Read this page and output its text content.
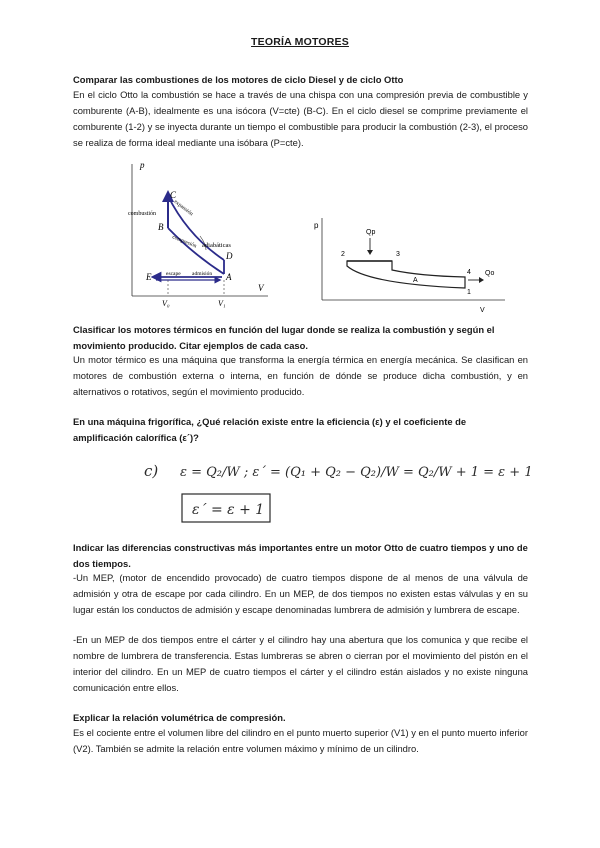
TEORÍA MOTORES
Comparar las combustiones de los motores de ciclo Diesel y de ciclo Otto
En el ciclo Otto la combustión se hace a través de una chispa con una compresión previa de combustible y comburente (A-B), idealmente es una isócora (V=cte) (B-C). En el ciclo diesel se comprime previamente el comburente (1-2) y se inyecta durante un tiempo el combustible para producir la combustión (2-3), el proceso se realiza de forma ideal mediante una isóbara (P=cte).
p
V
C
B
D
A
E
combustión	expansión
compresión adiabáticas
escape admisión
V₀	V₁
p
V
Qp
2	3
4
1
A
Qo
Clasificar los motores térmicos en función del lugar donde se realiza la combustión y según el movimiento producido. Citar ejemplos de cada caso.
Un motor térmico es una máquina que transforma la energía térmica en energía mecánica. Se clasifican en motores de combustión externa o interna, en función de dónde se produce dicha combustión, y en alternativos o rotativos, según el movimiento producido.
En una máquina frigorífica, ¿Qué relación existe entre la eficiencia (ε) y el coeficiente de amplificación calorífica (ε´)?
c) ε = Q₂/W ; ε´ = (Q₁ + Q₂ − Q₂)/W = Q₂/W + 1 = ε + 1
ε´ = ε + 1
Indicar las diferencias constructivas más importantes entre un motor Otto de cuatro tiempos y uno de dos tiempos.
-Un MEP, (motor de encendido provocado) de cuatro tiempos dispone de al menos de una válvula de admisión y otra de escape por cada cilindro. En un MEP, de dos tiempos no existen estas válvulas y en su lugar están los conductos de admisión y escape denominadas lumbrera de admisión y lumbrera de escape.
-En un MEP de dos tiempos entre el cárter y el cilindro hay una abertura que los comunica y que recibe el nombre de lumbrera de transferencia. Estas lumbreras se abren o cierran por el movimiento del pistón en el interior del cilindro. En un MEP de cuatro tiempos el cárter y el cilindro están aislados y no existe ninguna comunicación entre ellos.
Explicar la relación volumétrica de compresión.
Es el cociente entre el volumen libre del cilindro en el punto muerto superior (V1) y en el punto muerto inferior (V2). También se admite la relación entre volumen máximo y mínimo de un cilindro.
